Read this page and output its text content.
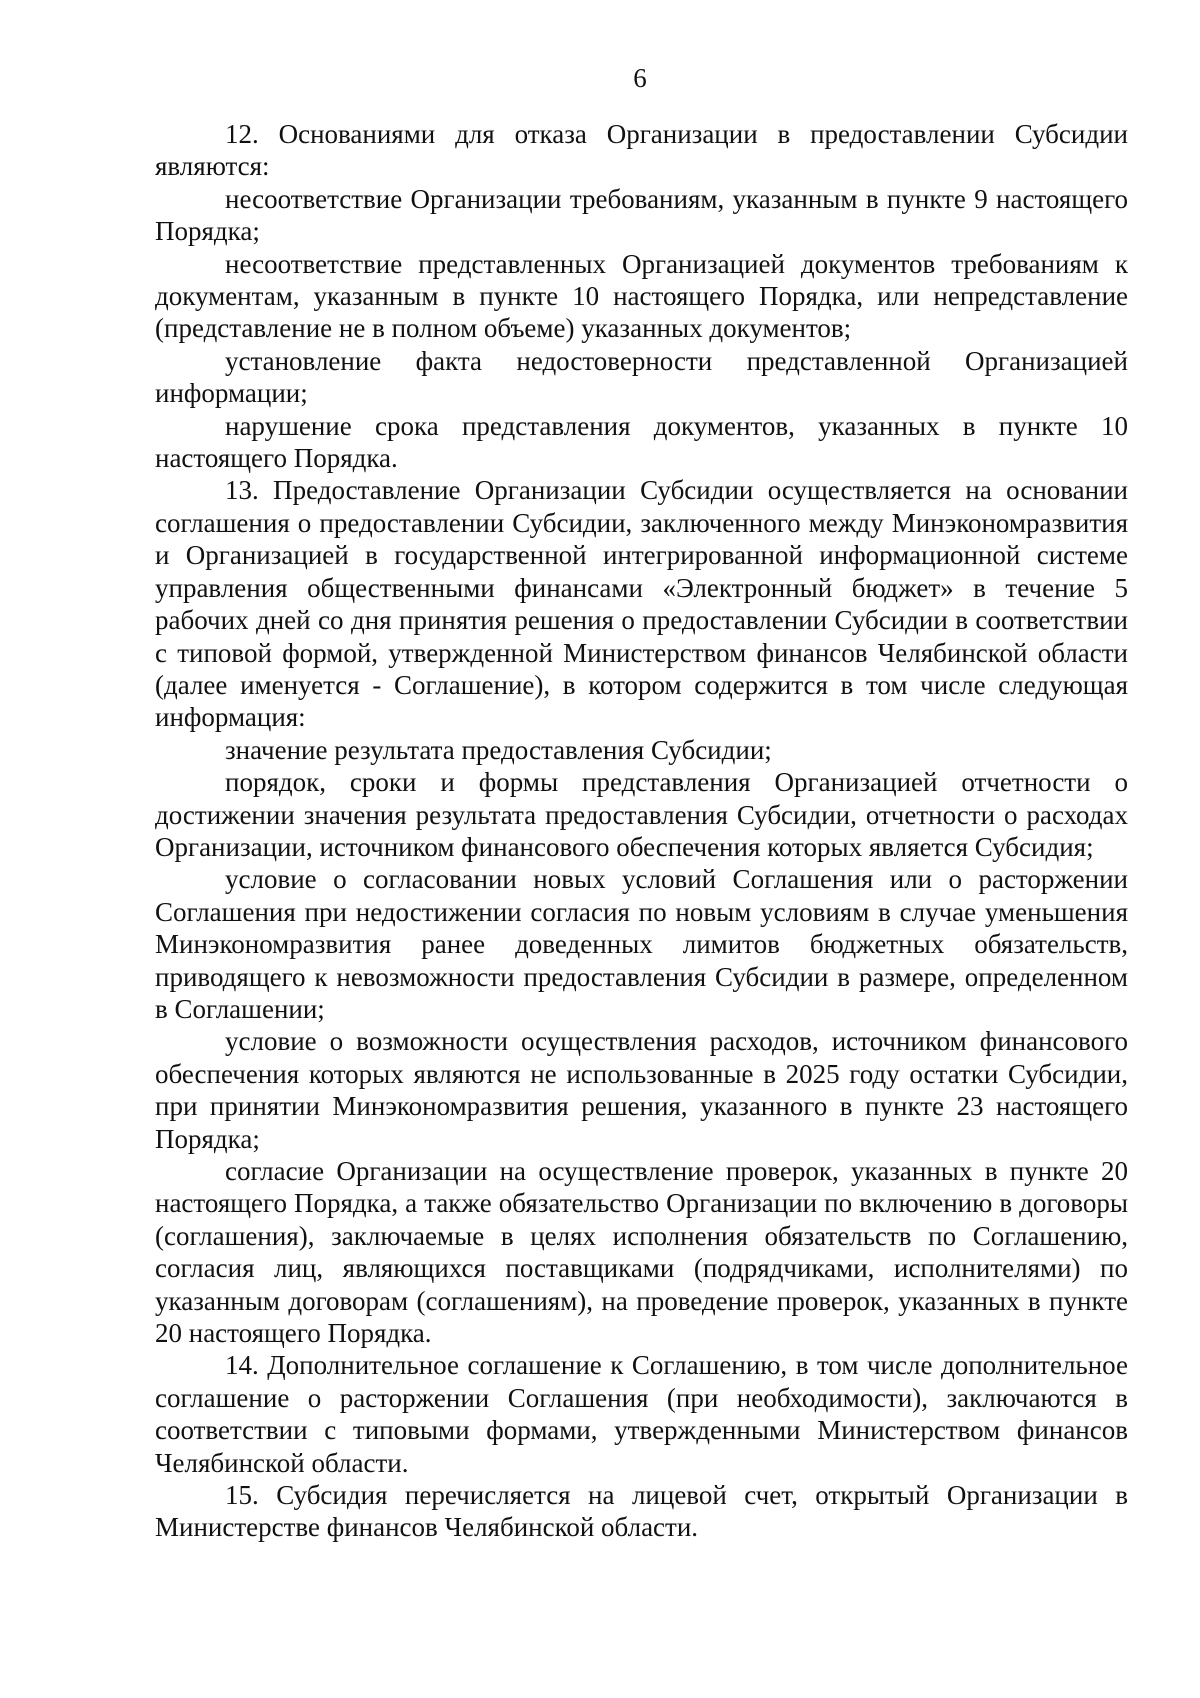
6

12. Основаниями для отказа Организации в предоставлении Субсидии являются:

несоответствие Организации требованиям, указанным в пункте 9 настоящего Порядка;

несоответствие представленных Организацией документов требованиям к документам, указанным в пункте 10 настоящего Порядка, или непредставление (представление не в полном объеме) указанных документов;

установление факта недостоверности представленной Организацией информации;

нарушение срока представления документов, указанных в пункте 10 настоящего Порядка.

13. Предоставление Организации Субсидии осуществляется на основании соглашения о предоставлении Субсидии, заключенного между Минэкономразвития и Организацией в государственной интегрированной информационной системе управления общественными финансами «Электронный бюджет» в течение 5 рабочих дней со дня принятия решения о предоставлении Субсидии в соответствии с типовой формой, утвержденной Министерством финансов Челябинской области (далее именуется - Соглашение), в котором содержится в том числе следующая информация:

значение результата предоставления Субсидии;

порядок, сроки и формы представления Организацией отчетности о достижении значения результата предоставления Субсидии, отчетности о расходах Организации, источником финансового обеспечения которых является Субсидия;

условие о согласовании новых условий Соглашения или о расторжении Соглашения при недостижении согласия по новым условиям в случае уменьшения Минэкономразвития ранее доведенных лимитов бюджетных обязательств, приводящего к невозможности предоставления Субсидии в размере, определенном в Соглашении;

условие о возможности осуществления расходов, источником финансового обеспечения которых являются не использованные в 2025 году остатки Субсидии, при принятии Минэкономразвития решения, указанного в пункте 23 настоящего Порядка;

согласие Организации на осуществление проверок, указанных в пункте 20 настоящего Порядка, а также обязательство Организации по включению в договоры (соглашения), заключаемые в целях исполнения обязательств по Соглашению, согласия лиц, являющихся поставщиками (подрядчиками, исполнителями) по указанным договорам (соглашениям), на проведение проверок, указанных в пункте 20 настоящего Порядка.

14. Дополнительное соглашение к Соглашению, в том числе дополнительное соглашение о расторжении Соглашения (при необходимости), заключаются в соответствии с типовыми формами, утвержденными Министерством финансов Челябинской области.

15. Субсидия перечисляется на лицевой счет, открытый Организации в Министерстве финансов Челябинской области.
